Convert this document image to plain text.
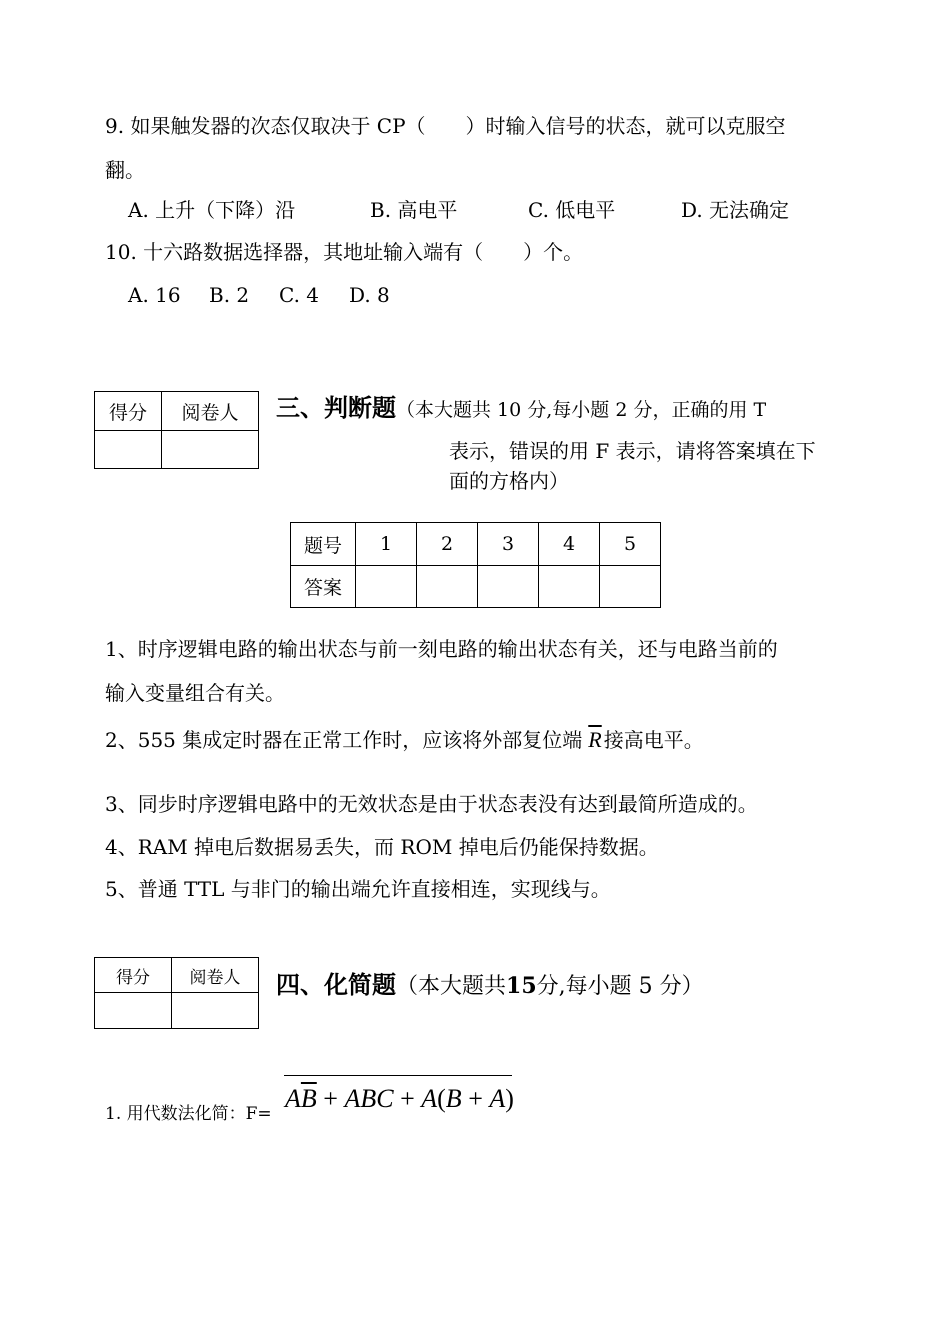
9. 如果触发器的次态仅取决于 CP（　　）时输入信号的状态，就可以克服空
翻。
A. 上升（下降）沿	B. 高电平	C. 低电平	D. 无法确定
10. 十六路数据选择器，其地址输入端有（　　）个。
A. 16 B. 2 C. 4 D. 8
得分	阅卷人
	三、判断题（本大题共 10 分,每小题 2 分，正确的用 T
表示，错误的用 F 表示，请将答案填在下
面的方格内）
题号	1	2	3	4	5
答案					
1、时序逻辑电路的输出状态与前一刻电路的输出状态有关，还与电路当前的
输入变量组合有关。
2、555 集成定时器在正常工作时，应该将外部复位端 $\overline{R}$ 接高电平。
3、同步时序逻辑电路中的无效状态是由于状态表没有达到最简所造成的。
4、RAM 掉电后数据易丢失，而 ROM 掉电后仍能保持数据。
5、普通 TTL 与非门的输出端允许直接相连，实现线与。
得分	阅卷人
	四、化简题（本大题共15分,每小题 5 分）
1. 用代数法化简：F=
$A\overline{B}$ + ABC + A(B + A)
